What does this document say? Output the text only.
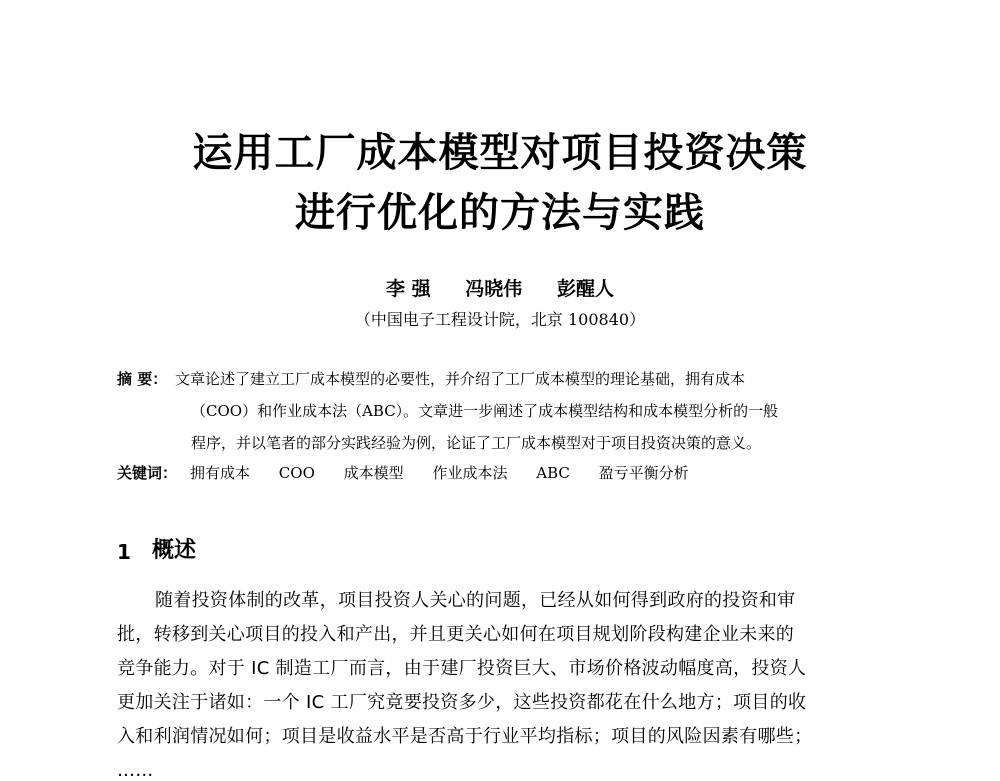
运用工厂成本模型对项目投资决策
进行优化的方法与实践
李 强 冯晓伟 彭醒人
（中国电子工程设计院，北京 100840）
摘 要： 文章论述了建立工厂成本模型的必要性，并介绍了工厂成本模型的理论基础，拥有成本
（COO）和作业成本法（ABC）。文章进一步阐述了成本模型结构和成本模型分析的一般
程序，并以笔者的部分实践经验为例，论证了工厂成本模型对于项目投资决策的意义。
关键词： 拥有成本 COO 成本模型 作业成本法 ABC 盈亏平衡分析
1 概述
随着投资体制的改革，项目投资人关心的问题，已经从如何得到政府的投资和审
批，转移到关心项目的投入和产出，并且更关心如何在项目规划阶段构建企业未来的
竞争能力。对于 IC 制造工厂而言，由于建厂投资巨大、市场价格波动幅度高，投资人
更加关注于诸如：一个 IC 工厂究竟要投资多少，这些投资都花在什么地方；项目的收
入和利润情况如何；项目是收益水平是否高于行业平均指标；项目的风险因素有哪些；
……
